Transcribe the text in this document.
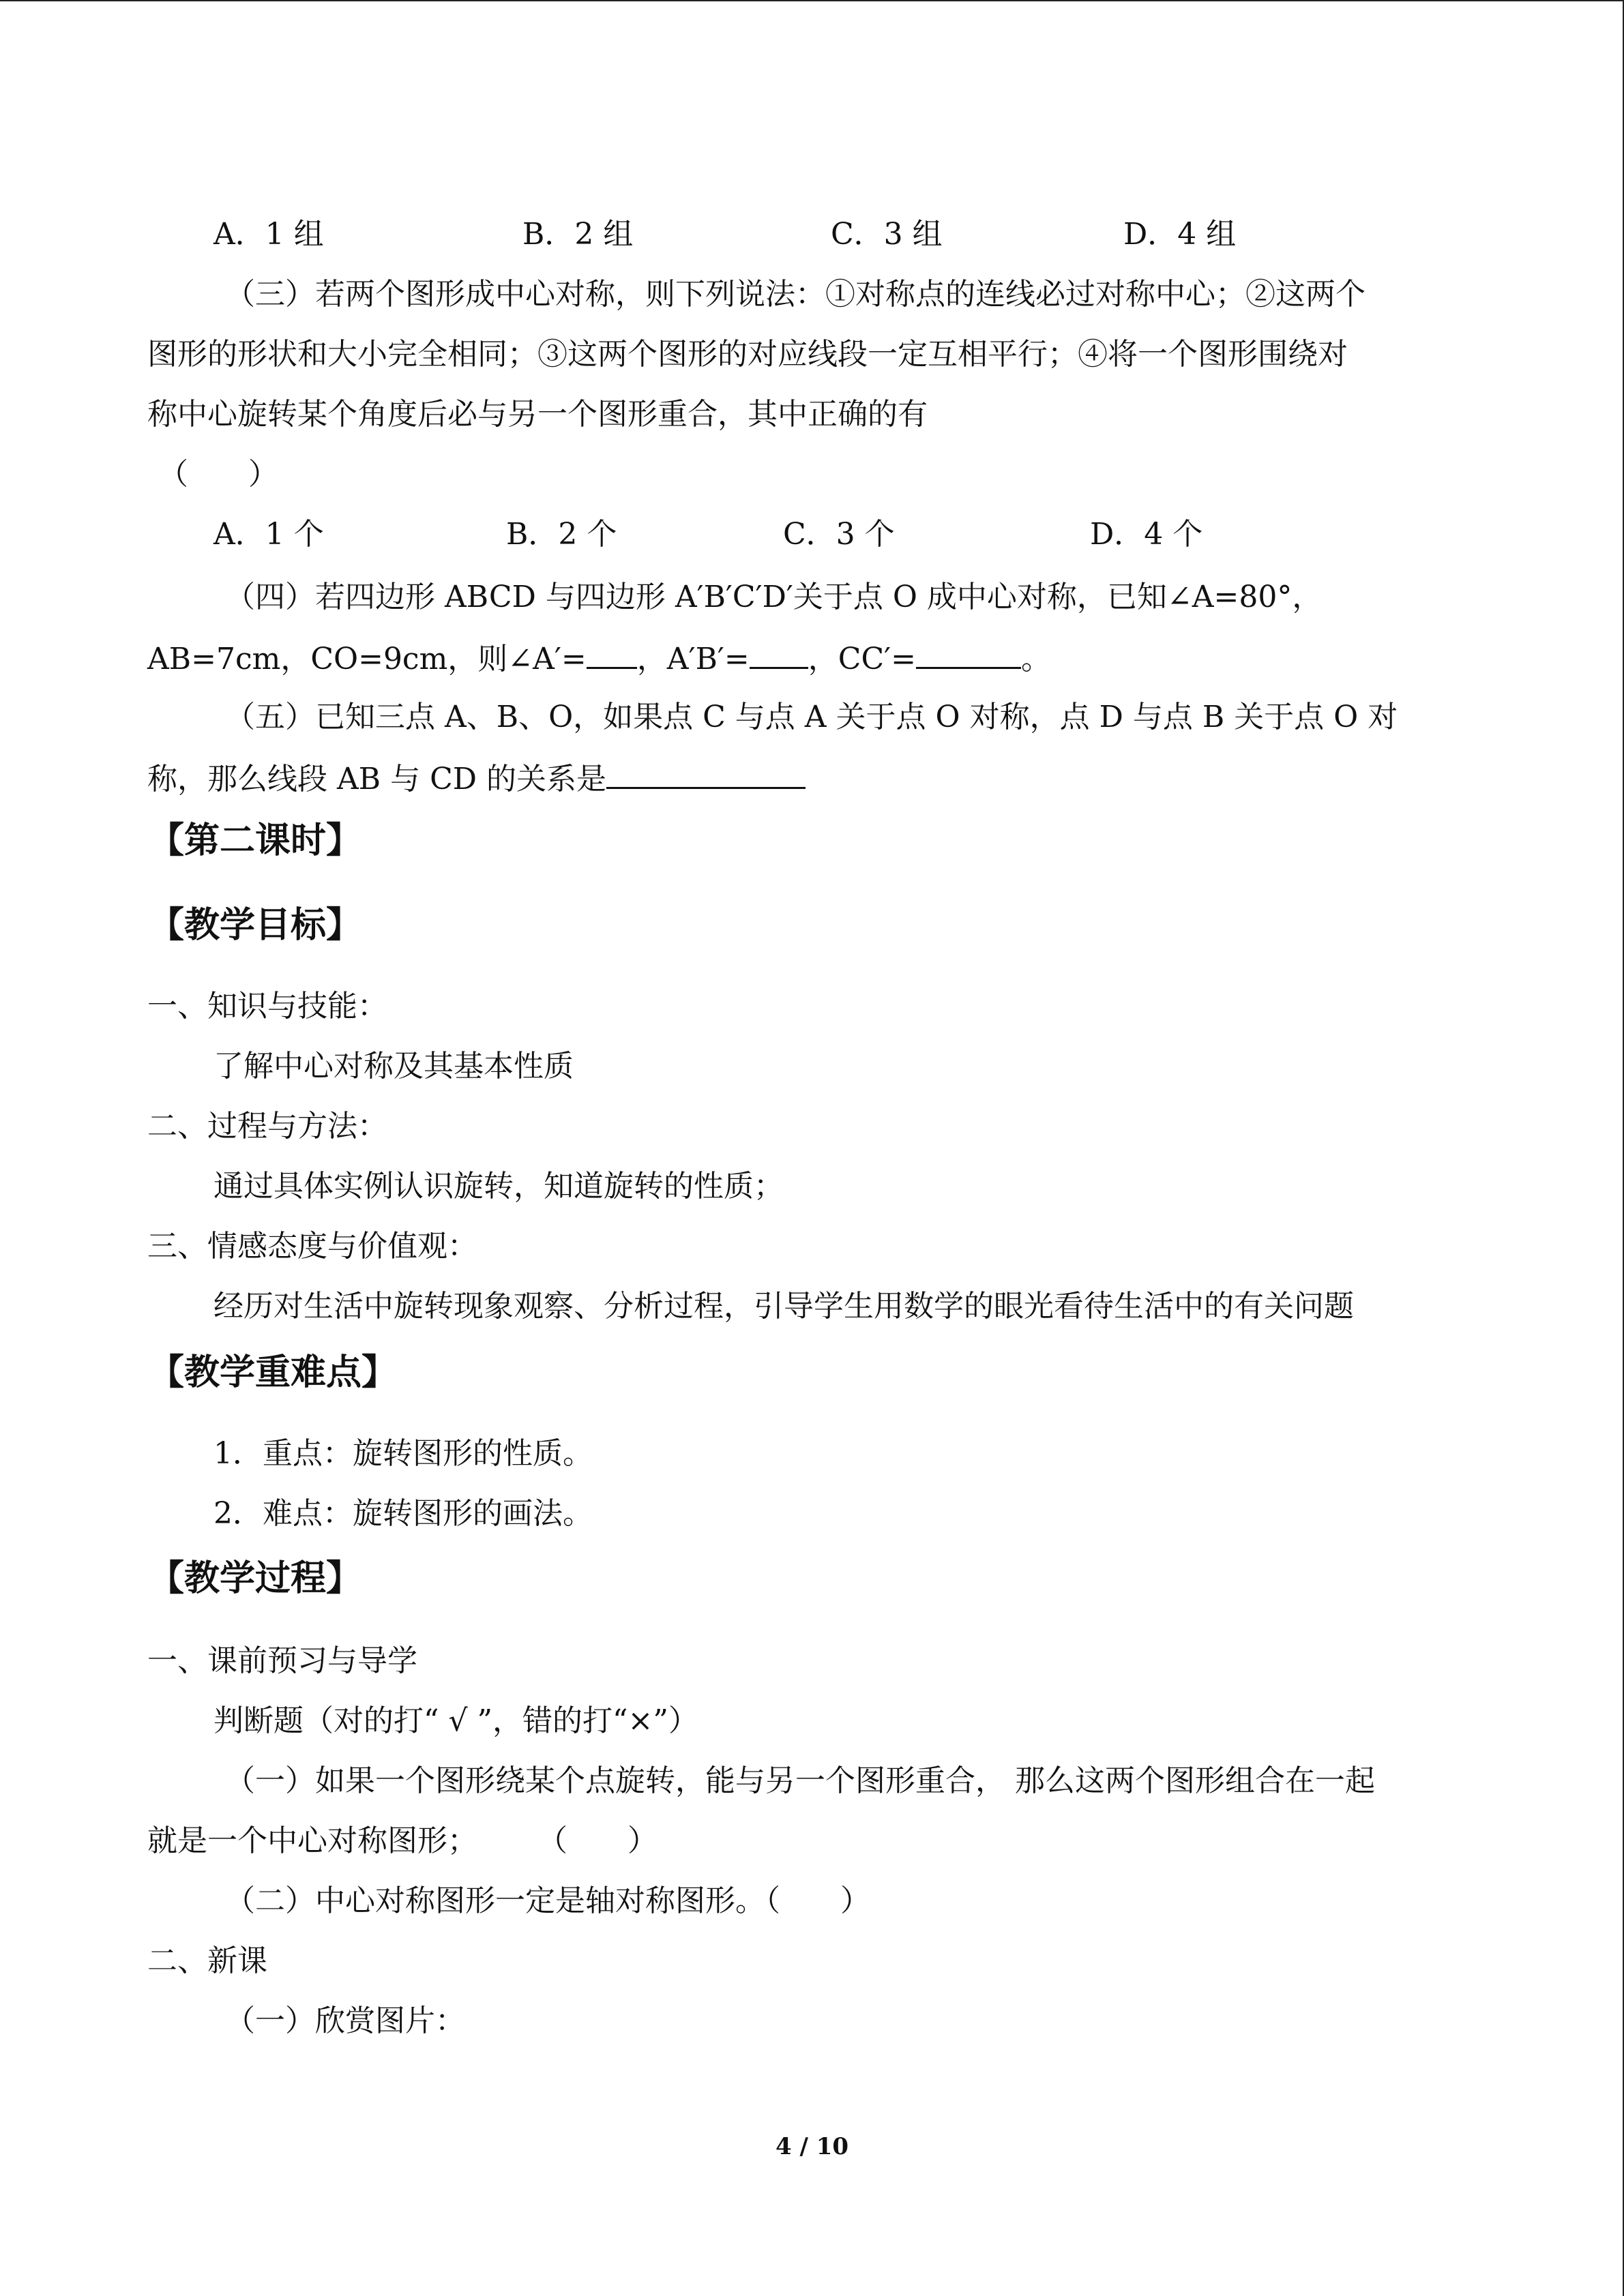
A．1 组	B．2 组	C．3 组	D．4 组
（三）若两个图形成中心对称，则下列说法：①对称点的连线必过对称中心；②这两个
图形的形状和大小完全相同；③这两个图形的对应线段一定互相平行；④将一个图形围绕对
称中心旋转某个角度后必与另一个图形重合，其中正确的有
（　　）
A．1 个	B．2 个	C．3 个	D．4 个
（四）若四边形 ABCD 与四边形 A′B′C′D′关于点 O 成中心对称，已知∠A=80°，
AB=7cm，CO=9cm，则∠A′= ，A′B′= ，CC′=	。
（五）已知三点 A、B、O，如果点 C 与点 A 关于点 O 对称，点 D 与点 B 关于点 O 对
称，那么线段 AB 与 CD 的关系是
【第二课时】
【教学目标】
一、知识与技能：
了解中心对称及其基本性质
二、过程与方法：
通过具体实例认识旋转，知道旋转的性质；
三、情感态度与价值观：
经历对生活中旋转现象观察、分析过程，引导学生用数学的眼光看待生活中的有关问题
【教学重难点】
1．重点：旋转图形的性质。
2．难点：旋转图形的画法。
【教学过程】
一、课前预习与导学
判断题（对的打“ √ ”，错的打“×”）
（一）如果一个图形绕某个点旋转，能与另一个图形重合， 那么这两个图形组合在一起
就是一个中心对称图形；　　　（　　）
（二）中心对称图形一定是轴对称图形。（　　）
二、新课
（一）欣赏图片：
4 / 10
